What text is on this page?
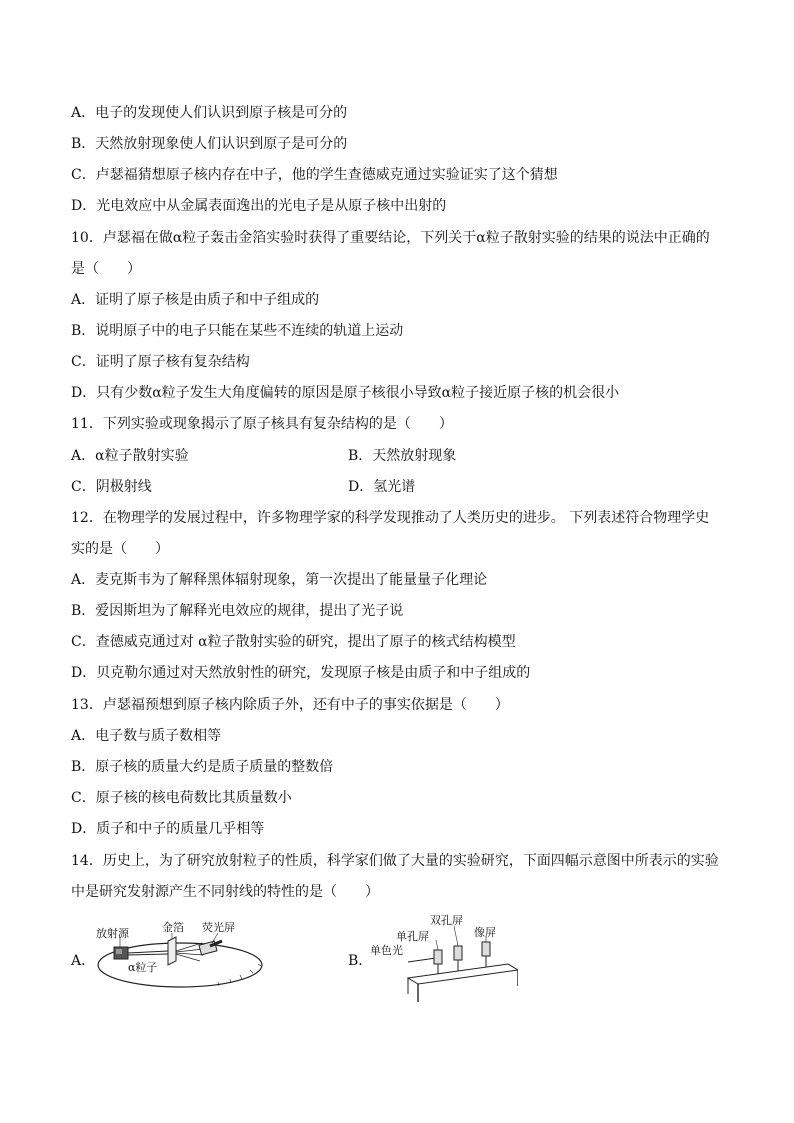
A．电子的发现使人们认识到原子核是可分的
B．天然放射现象使人们认识到原子是可分的
C．卢瑟福猜想原子核内存在中子，他的学生查德威克通过实验证实了这个猜想
D．光电效应中从金属表面逸出的光电子是从原子核中出射的
10．卢瑟福在做α粒子轰击金箔实验时获得了重要结论，下列关于α粒子散射实验的结果的说法中正确的
是（　　）
A．证明了原子核是由质子和中子组成的
B．说明原子中的电子只能在某些不连续的轨道上运动
C．证明了原子核有复杂结构
D．只有少数α粒子发生大角度偏转的原因是原子核很小导致α粒子接近原子核的机会很小
11．下列实验或现象揭示了原子核具有复杂结构的是（　　）
A．α粒子散射实验	B．天然放射现象
C．阴极射线	D．氢光谱
12．在物理学的发展过程中，许多物理学家的科学发现推动了人类历史的进步。 下列表述符合物理学史
实的是（　　）
A．麦克斯韦为了解释黑体辐射现象，第一次提出了能量量子化理论
B．爱因斯坦为了解释光电效应的规律，提出了光子说
C．查德威克通过对 α粒子散射实验的研究，提出了原子的核式结构模型
D．贝克勒尔通过对天然放射性的研究，发现原子核是由质子和中子组成的
13．卢瑟福预想到原子核内除质子外，还有中子的事实依据是（　　）
A．电子数与质子数相等
B．原子核的质量大约是质子质量的整数倍
C．原子核的核电荷数比其质量数小
D．质子和中子的质量几乎相等
14．历史上，为了研究放射粒子的性质，科学家们做了大量的实验研究，下面四幅示意图中所表示的实验
中是研究发射源产生不同射线的特性的是（　　）
A．
放射源	金箔 荧光屏
α粒子	B．
单色光
单孔屏
双孔屏
像屏
